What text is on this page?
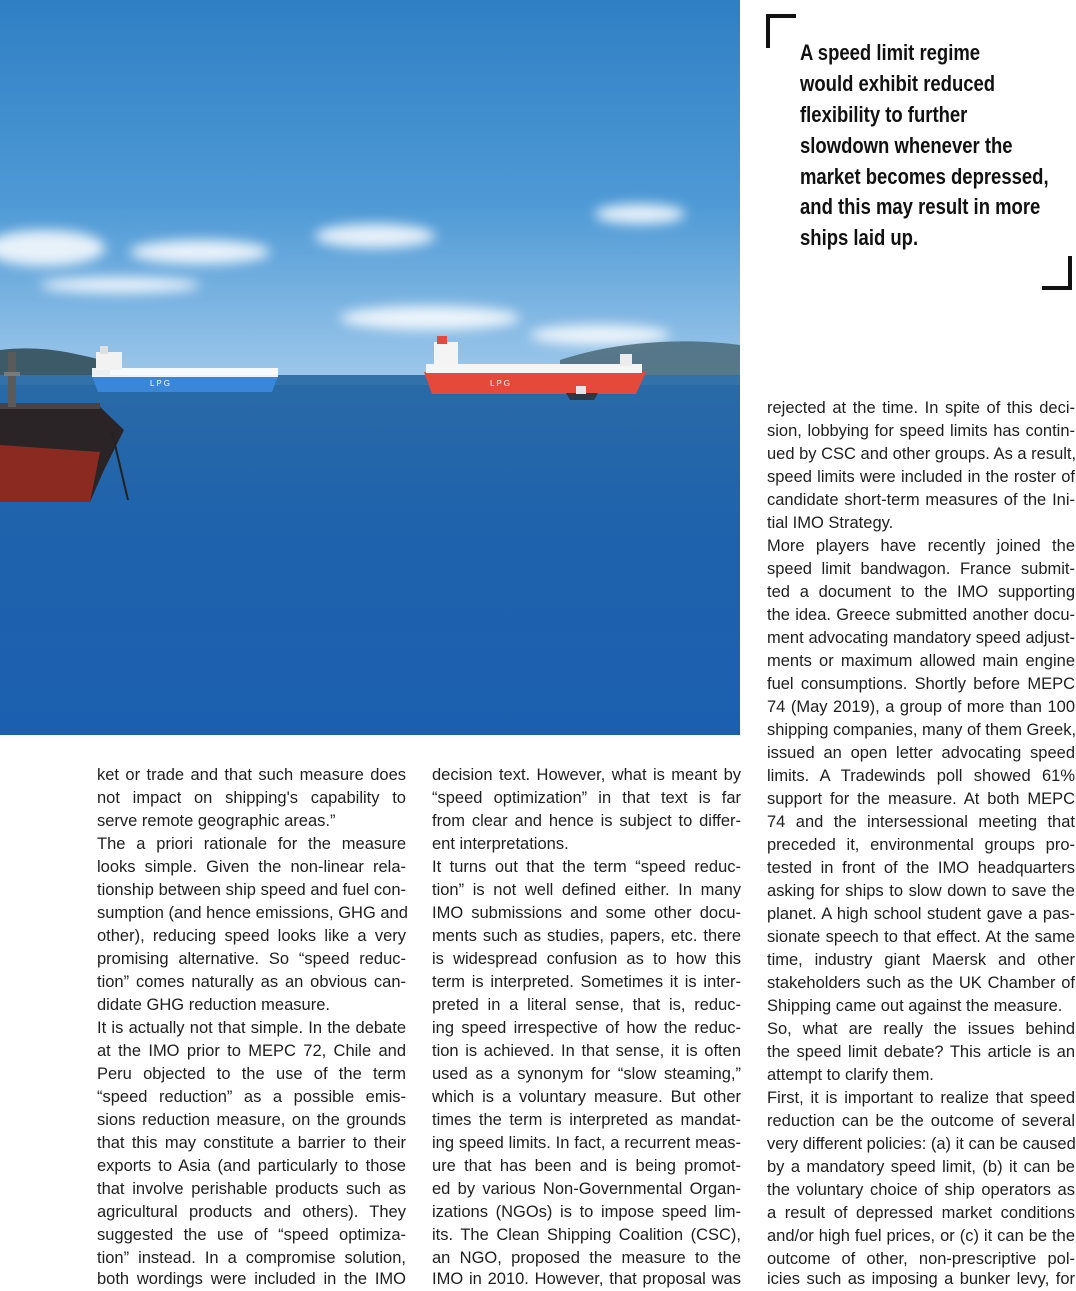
L P G	L P G
A speed limit regime
would exhibit reduced
flexibility to further
slowdown whenever the
market becomes depressed,
and this may result in more
ships laid up.
ket or trade and that such measure does
not impact on shipping's capability to
serve remote geographic areas.”
The a priori rationale for the measure
looks simple. Given the non-linear rela-
tionship between ship speed and fuel con-
sumption (and hence emissions, GHG and
other), reducing speed looks like a very
promising alternative. So “speed reduc-
tion” comes naturally as an obvious can-
didate GHG reduction measure.
It is actually not that simple. In the debate
at the IMO prior to MEPC 72, Chile and
Peru objected to the use of the term
“speed reduction” as a possible emis-
sions reduction measure, on the grounds
that this may constitute a barrier to their
exports to Asia (and particularly to those
that involve perishable products such as
agricultural products and others). They
suggested the use of “speed optimiza-
tion” instead. In a compromise solution,
both wordings were included in the IMO
decision text. However, what is meant by
“speed optimization” in that text is far
from clear and hence is subject to differ-
ent interpretations.
It turns out that the term “speed reduc-
tion” is not well defined either. In many
IMO submissions and some other docu-
ments such as studies, papers, etc. there
is widespread confusion as to how this
term is interpreted. Sometimes it is inter-
preted in a literal sense, that is, reduc-
ing speed irrespective of how the reduc-
tion is achieved. In that sense, it is often
used as a synonym for “slow steaming,”
which is a voluntary measure. But other
times the term is interpreted as mandat-
ing speed limits. In fact, a recurrent meas-
ure that has been and is being promot-
ed by various Non-Governmental Organ-
izations (NGOs) is to impose speed lim-
its. The Clean Shipping Coalition (CSC),
an NGO, proposed the measure to the
IMO in 2010. However, that proposal was
rejected at the time. In spite of this deci-
sion, lobbying for speed limits has contin-
ued by CSC and other groups. As a result,
speed limits were included in the roster of
candidate short-term measures of the Ini-
tial IMO Strategy.
More players have recently joined the
speed limit bandwagon. France submit-
ted a document to the IMO supporting
the idea. Greece submitted another docu-
ment advocating mandatory speed adjust-
ments or maximum allowed main engine
fuel consumptions. Shortly before MEPC
74 (May 2019), a group of more than 100
shipping companies, many of them Greek,
issued an open letter advocating speed
limits. A Tradewinds poll showed 61%
support for the measure. At both MEPC
74 and the intersessional meeting that
preceded it, environmental groups pro-
tested in front of the IMO headquarters
asking for ships to slow down to save the
planet. A high school student gave a pas-
sionate speech to that effect. At the same
time, industry giant Maersk and other
stakeholders such as the UK Chamber of
Shipping came out against the measure.
So, what are really the issues behind
the speed limit debate? This article is an
attempt to clarify them.
First, it is important to realize that speed
reduction can be the outcome of several
very different policies: (a) it can be caused
by a mandatory speed limit, (b) it can be
the voluntary choice of ship operators as
a result of depressed market conditions
and/or high fuel prices, or (c) it can be the
outcome of other, non-prescriptive pol-
icies such as imposing a bunker levy, for
